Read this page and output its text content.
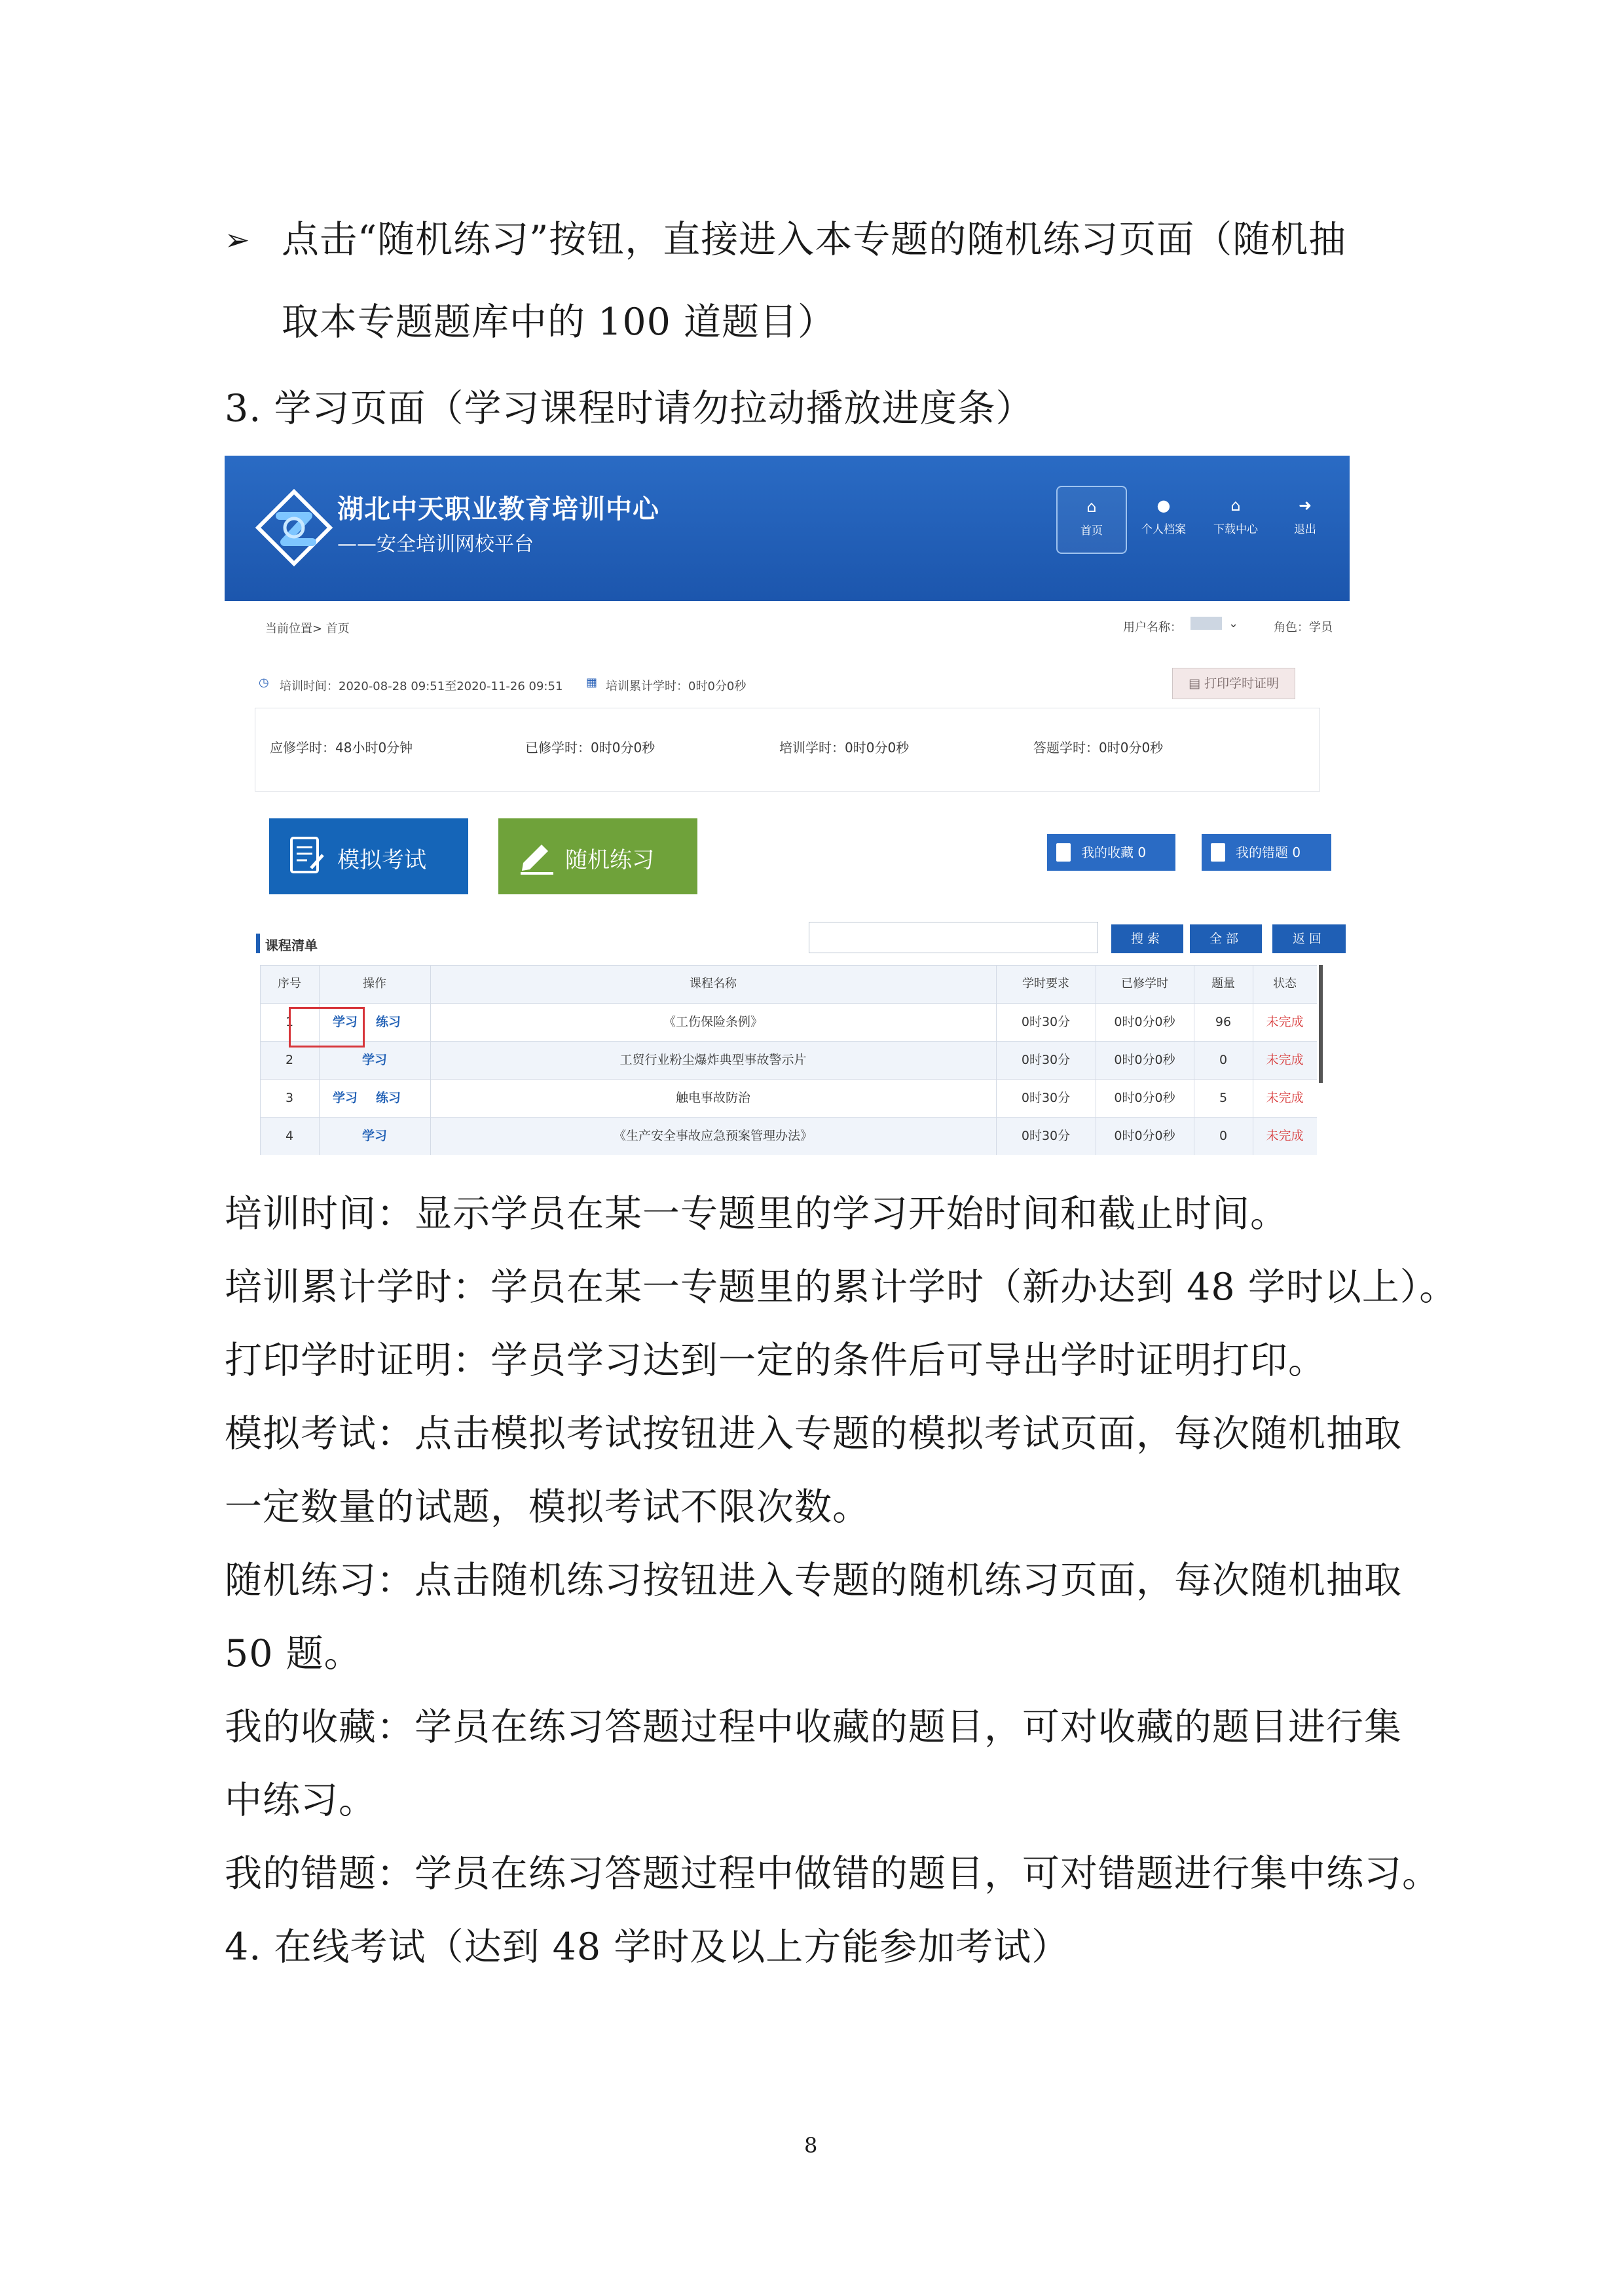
➢ 点击“随机练习”按钮，直接进入本专题的随机练习页面（随机抽
取本专题题库中的 100 道题目）
3. 学习页面（学习课程时请勿拉动播放进度条）
湖北中天职业教育培训中心
——安全培训网校平台
⌂
首页
●
个人档案
⌂
下载中心
➜
退出
当前位置> 首页	用户名称：	⌄	角色：学员
◷ 培训时间：2020-08-28 09:51至2020-11-26 09:51 ▦ 培训累计学时：0时0分0秒	▤ 打印学时证明
应修学时：48小时0分钟	已修学时：0时0分0秒	培训学时：0时0分0秒	答题学时：0时0分0秒
模拟考试	随机练习	我的收藏 0	我的错题 0
课程清单	搜索	全部	返回
序号	操作	课程名称	学时要求	已修学时	题量	状态
1	学习	练习	《工伤保险条例》	0时30分	0时0分0秒	96	未完成
2	学习	工贸行业粉尘爆炸典型事故警示片	0时30分	0时0分0秒	0	未完成
3	学习	练习	触电事故防治	0时30分	0时0分0秒	5	未完成
4	学习	《生产安全事故应急预案管理办法》	0时30分	0时0分0秒	0	未完成
培训时间：显示学员在某一专题里的学习开始时间和截止时间。
培训累计学时：学员在某一专题里的累计学时（新办达到 48 学时以上）。
打印学时证明：学员学习达到一定的条件后可导出学时证明打印。
模拟考试：点击模拟考试按钮进入专题的模拟考试页面，每次随机抽取
一定数量的试题，模拟考试不限次数。
随机练习：点击随机练习按钮进入专题的随机练习页面，每次随机抽取
50 题。
我的收藏：学员在练习答题过程中收藏的题目，可对收藏的题目进行集
中练习。
我的错题：学员在练习答题过程中做错的题目，可对错题进行集中练习。
4. 在线考试（达到 48 学时及以上方能参加考试）
8
